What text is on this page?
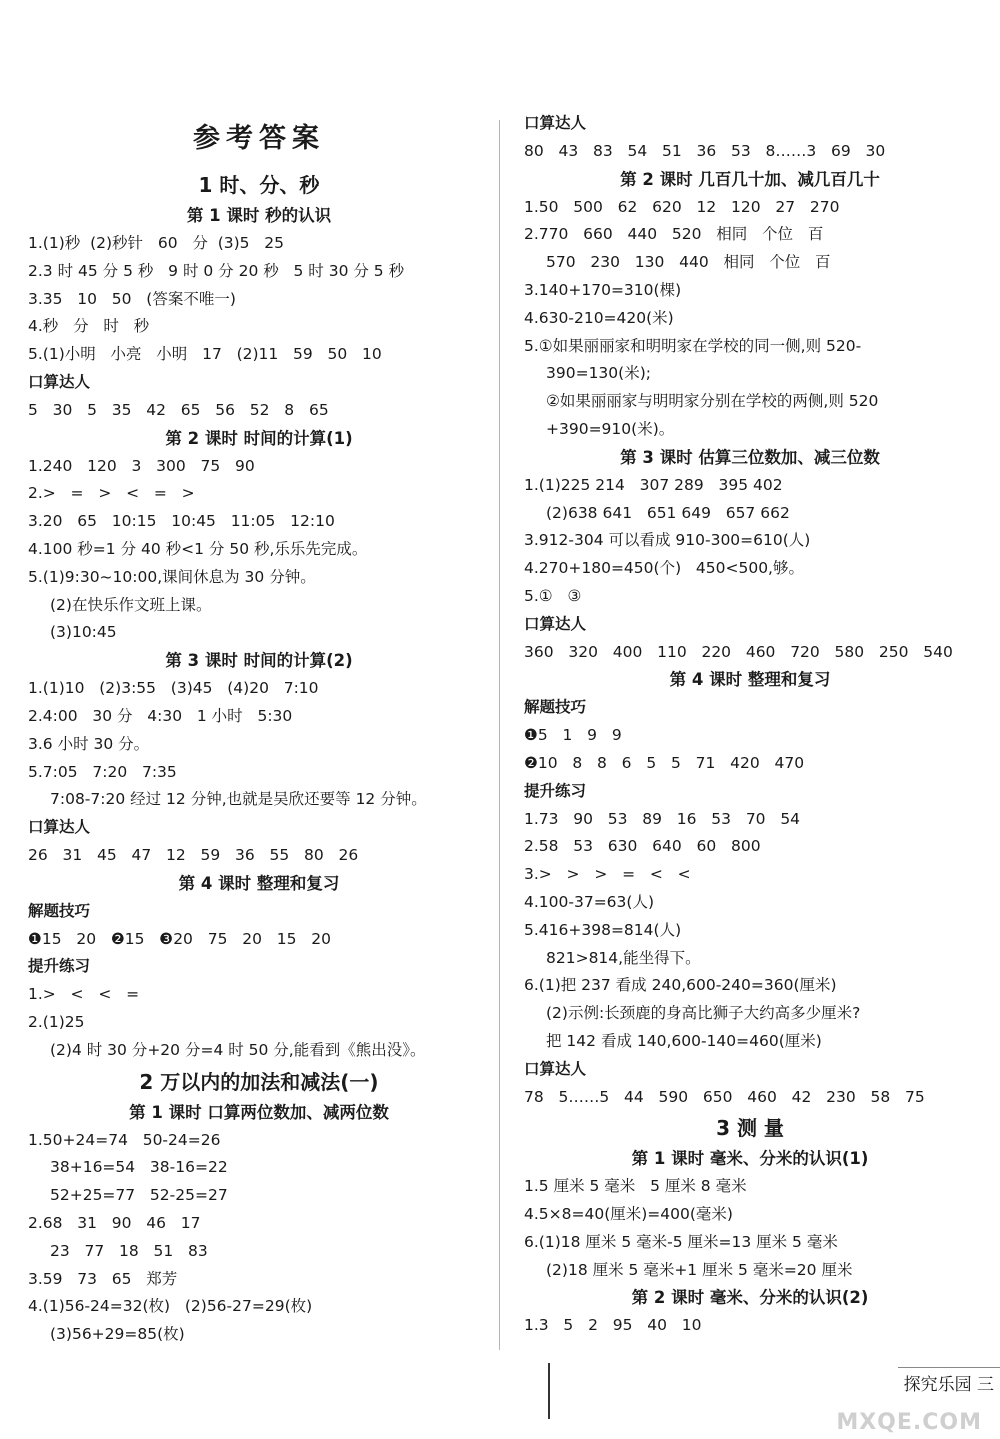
参考答案
1 时、分、秒
第 1 课时 秒的认识
1.(1)秒  (2)秒针   60   分  (3)5   25
2.3 时 45 分 5 秒   9 时 0 分 20 秒   5 时 30 分 5 秒
3.35   10   50   (答案不唯一)
4.秒   分   时   秒
5.(1)小明   小亮   小明   17   (2)11   59   50   10
口算达人
5   30   5   35   42   65   56   52   8   65
第 2 课时 时间的计算(1)
1.240   120   3   300   75   90
2.>   =   >   <   =   >
3.20   65   10:15   10:45   11:05   12:10
4.100 秒=1 分 40 秒<1 分 50 秒,乐乐先完成。
5.(1)9:30~10:00,课间休息为 30 分钟。
(2)在快乐作文班上课。
(3)10:45
第 3 课时 时间的计算(2)
1.(1)10   (2)3:55   (3)45   (4)20   7:10
2.4:00   30 分   4:30   1 小时   5:30
3.6 小时 30 分。
5.7:05   7:20   7:35
7:08-7:20 经过 12 分钟,也就是吴欣还要等 12 分钟。
口算达人
26   31   45   47   12   59   36   55   80   26
第 4 课时 整理和复习
解题技巧
❶15   20   ❷15   ❸20   75   20   15   20
提升练习
1.>   <   <   =
2.(1)25
(2)4 时 30 分+20 分=4 时 50 分,能看到《熊出没》。
2 万以内的加法和减法(一)
第 1 课时 口算两位数加、减两位数
1.50+24=74   50-24=26
38+16=54   38-16=22
52+25=77   52-25=27
2.68   31   90   46   17
23   77   18   51   83
3.59   73   65   郑芳
4.(1)56-24=32(枚)   (2)56-27=29(枚)
(3)56+29=85(枚)
口算达人
80   43   83   54   51   36   53   8……3   69   30
第 2 课时 几百几十加、减几百几十
1.50   500   62   620   12   120   27   270
2.770   660   440   520   相同   个位   百
570   230   130   440   相同   个位   百
3.140+170=310(棵)
4.630-210=420(米)
5.①如果丽丽家和明明家在学校的同一侧,则 520-
390=130(米);
②如果丽丽家与明明家分别在学校的两侧,则 520
+390=910(米)。
第 3 课时 估算三位数加、减三位数
1.(1)225 214   307 289   395 402
(2)638 641   651 649   657 662
3.912-304 可以看成 910-300=610(人)
4.270+180=450(个)   450<500,够。
5.①   ③
口算达人
360   320   400   110   220   460   720   580   250   540
第 4 课时 整理和复习
解题技巧
❶5   1   9   9
❷10   8   8   6   5   5   71   420   470
提升练习
1.73   90   53   89   16   53   70   54
2.58   53   630   640   60   800
3.>   >   >   =   <   <
4.100-37=63(人)
5.416+398=814(人)
821>814,能坐得下。
6.(1)把 237 看成 240,600-240=360(厘米)
(2)示例:长颈鹿的身高比狮子大约高多少厘米?
把 142 看成 140,600-140=460(厘米)
口算达人
78   5……5   44   590   650   460   42   230   58   75
3 测 量
第 1 课时 毫米、分米的认识(1)
1.5 厘米 5 毫米   5 厘米 8 毫米
4.5×8=40(厘米)=400(毫米)
6.(1)18 厘米 5 毫米-5 厘米=13 厘米 5 毫米
(2)18 厘米 5 毫米+1 厘米 5 毫米=20 厘米
第 2 课时 毫米、分米的认识(2)
1.3   5   2   95   40   10
探究乐园 三
MXQE.COM
